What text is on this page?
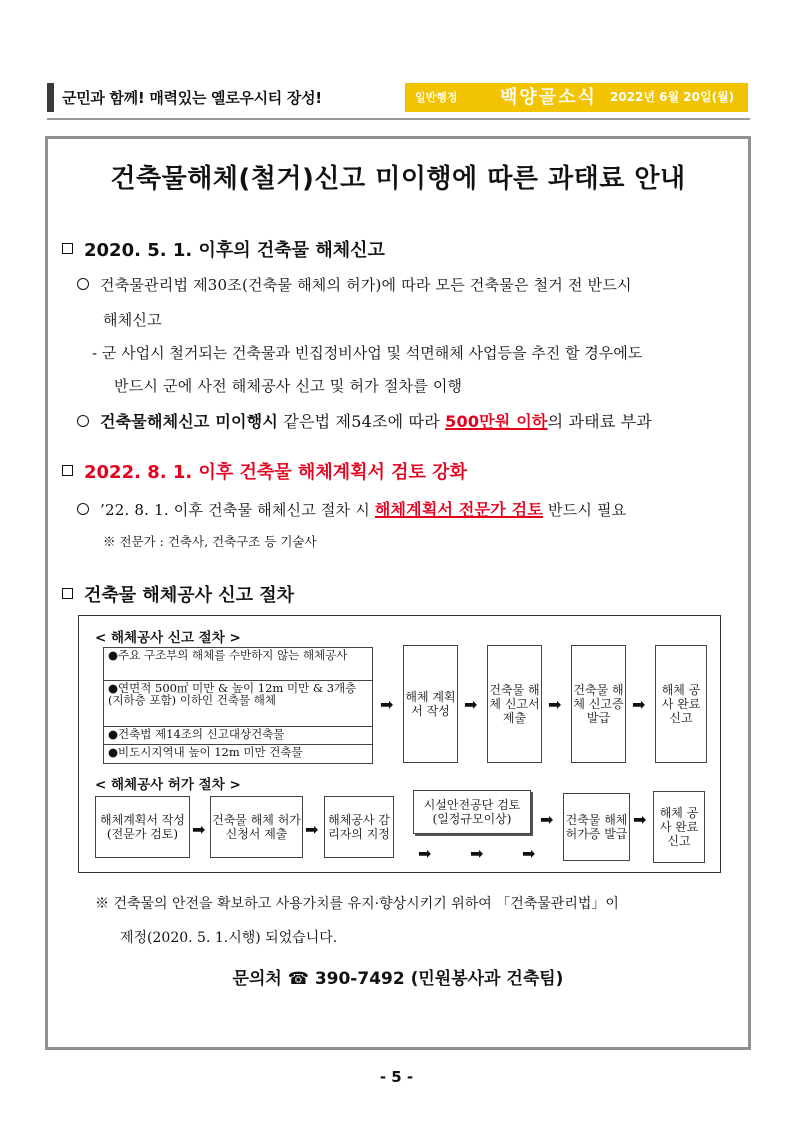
군민과 함께! 매력있는 옐로우시티 장성!	일반행정 백양골소식 2022년 6월 20일(월)
건축물해체(철거)신고 미이행에 따른 과태료 안내
2020. 5. 1. 이후의 건축물 해체신고
건축물관리법 제30조(건축물 해체의 허가)에 따라 모든 건축물은 철거 전 반드시
해체신고
- 군 사업시 철거되는 건축물과 빈집정비사업 및 석면해체 사업등을 추진 할 경우에도
반드시 군에 사전 해체공사 신고 및 허가 절차를 이행
건축물해체신고 미이행시 같은법 제54조에 따라 500만원 이하의 과태료 부과
2022. 8. 1. 이후 건축물 해체계획서 검토 강화
’22. 8. 1. 이후 건축물 해체신고 절차 시 해체계획서 전문가 검토 반드시 필요
※ 전문가 : 건축사, 건축구조 등 기술사
건축물 해체공사 신고 절차
< 해체공사 신고 절차 >
●주요 구조부의 해체를 수반하지 않는 해체공사
●연면적 500㎡ 미만 & 높이 12m 미만 & 3개층(지하층 포함) 이하인 건축물 해체
●건축법 제14조의 신고대상건축물
●비도시지역내 높이 12m 미만 건축물
➡ 해체 계획서 작성 ➡
건축물 해체 신고서 제출
➡
건축물 해체 신고증 발급
➡
해체 공사 완료 신고
< 해체공사 허가 절차 >
해체계획서 작성 (전문가 검토) ➡ 건축물 해체 허가 신청서 제출	➡ 해체공사 감리자의 지정
시설안전공단 검토 (일정규모이상)
➡ ➡ ➡
➡ 건축물 해체 허가증 발급
➡	해체 공사 완료 신고
※ 건축물의 안전을 확보하고 사용가치를 유지·향상시키기 위하여 「건축물관리법」이
제정(2020. 5. 1.시행) 되었습니다.
문의처 ☎ 390-7492 (민원봉사과 건축팀)
- 5 -
